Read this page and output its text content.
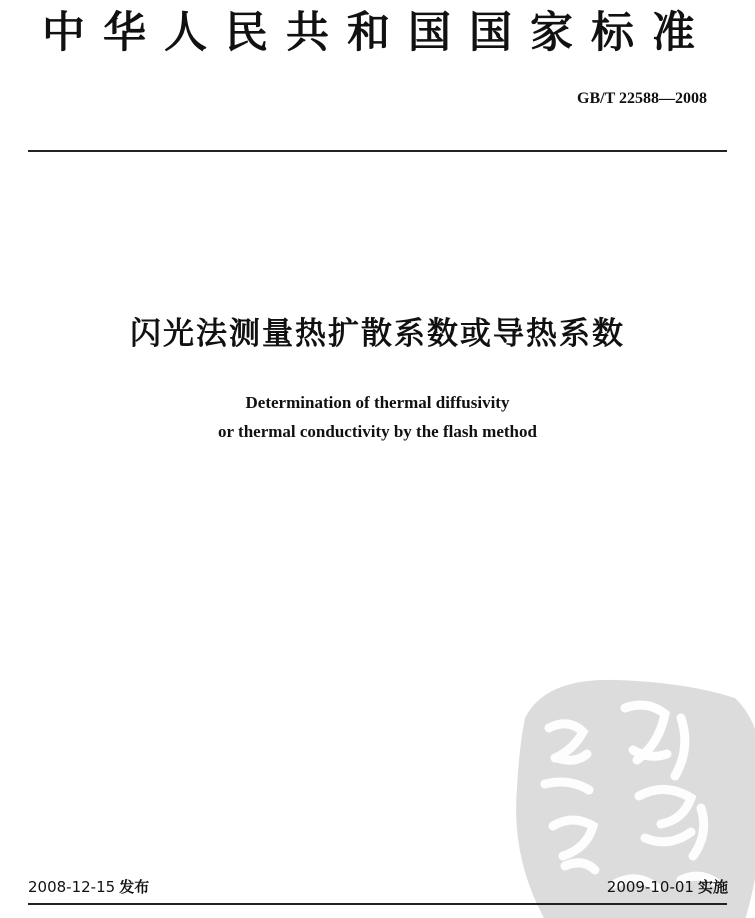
中华人民共和国国家标准
GB/T 22588—2008
闪光法测量热扩散系数或导热系数
Determination of thermal diffusivity
or thermal conductivity by the flash method
2008-12-15 发布	2009-10-01 实施
